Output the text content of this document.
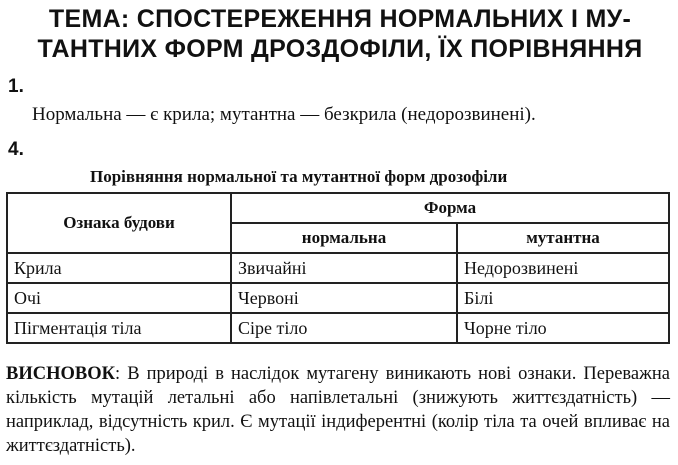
ТЕМА: СПОСТЕРЕЖЕННЯ НОРМАЛЬНИХ І МУ-
ТАНТНИХ ФОРМ ДРОЗДОФІЛИ, ЇХ ПОРІВНЯННЯ
1.
Нормальна — є крила; мутантна — безкрила (недорозвинені).
4.
Порівняння нормальної та мутантної форм дрозофіли
Ознака будови	Форма	
	нормальна	мутантна
Крила	Звичайні	Недорозвинені
Очі	Червоні	Білі
Пігментація тіла	Сіре тіло	Чорне тіло
ВИСНОВОК: В природі в наслідок мутагену виникають нові ознаки. Переважна кількість мутацій летальні або напівлетальні (знижують життєздатність) — наприклад, відсутність крил. Є мутації індиферентні (колір тіла та очей впливає на життєздатність).
